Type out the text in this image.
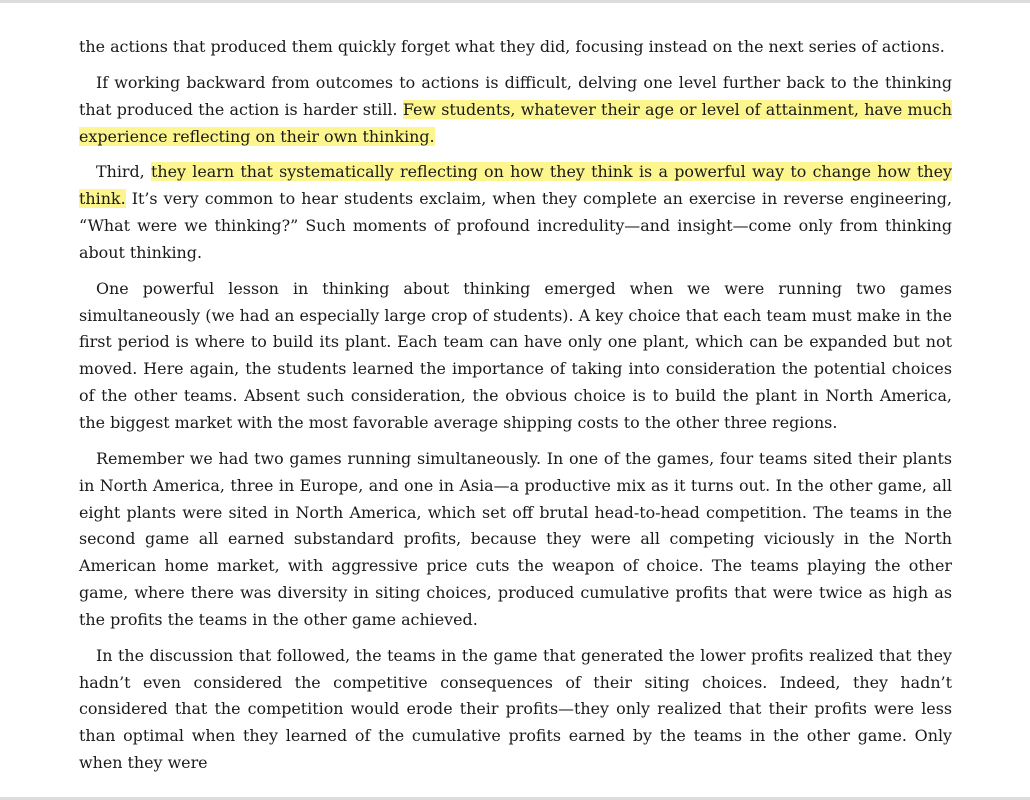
the actions that produced them quickly forget what they did, focusing instead on the next series of actions.

If working backward from outcomes to actions is difficult, delving one level further back to the thinking that produced the action is harder still. Few students, whatever their age or level of attainment, have much experience reflecting on their own thinking.

Third, they learn that systematically reflecting on how they think is a powerful way to change how they think. It’s very common to hear students exclaim, when they complete an exercise in reverse engineering, “What were we thinking?” Such moments of profound incredulity—and insight—come only from thinking about thinking.

One powerful lesson in thinking about thinking emerged when we were running two games simultaneously (we had an especially large crop of students). A key choice that each team must make in the first period is where to build its plant. Each team can have only one plant, which can be expanded but not moved. Here again, the students learned the importance of taking into consideration the potential choices of the other teams. Absent such consideration, the obvious choice is to build the plant in North America, the biggest market with the most favorable average shipping costs to the other three regions.

Remember we had two games running simultaneously. In one of the games, four teams sited their plants in North America, three in Europe, and one in Asia—a productive mix as it turns out. In the other game, all eight plants were sited in North America, which set off brutal head-to-head competition. The teams in the second game all earned substandard profits, because they were all competing viciously in the North American home market, with aggressive price cuts the weapon of choice. The teams playing the other game, where there was diversity in siting choices, produced cumulative profits that were twice as high as the profits the teams in the other game achieved.

In the discussion that followed, the teams in the game that generated the lower profits realized that they hadn’t even considered the competitive consequences of their siting choices. Indeed, they hadn’t considered that the competition would erode their profits—they only realized that their profits were less than optimal when they learned of the cumulative profits earned by the teams in the other game. Only when they were
